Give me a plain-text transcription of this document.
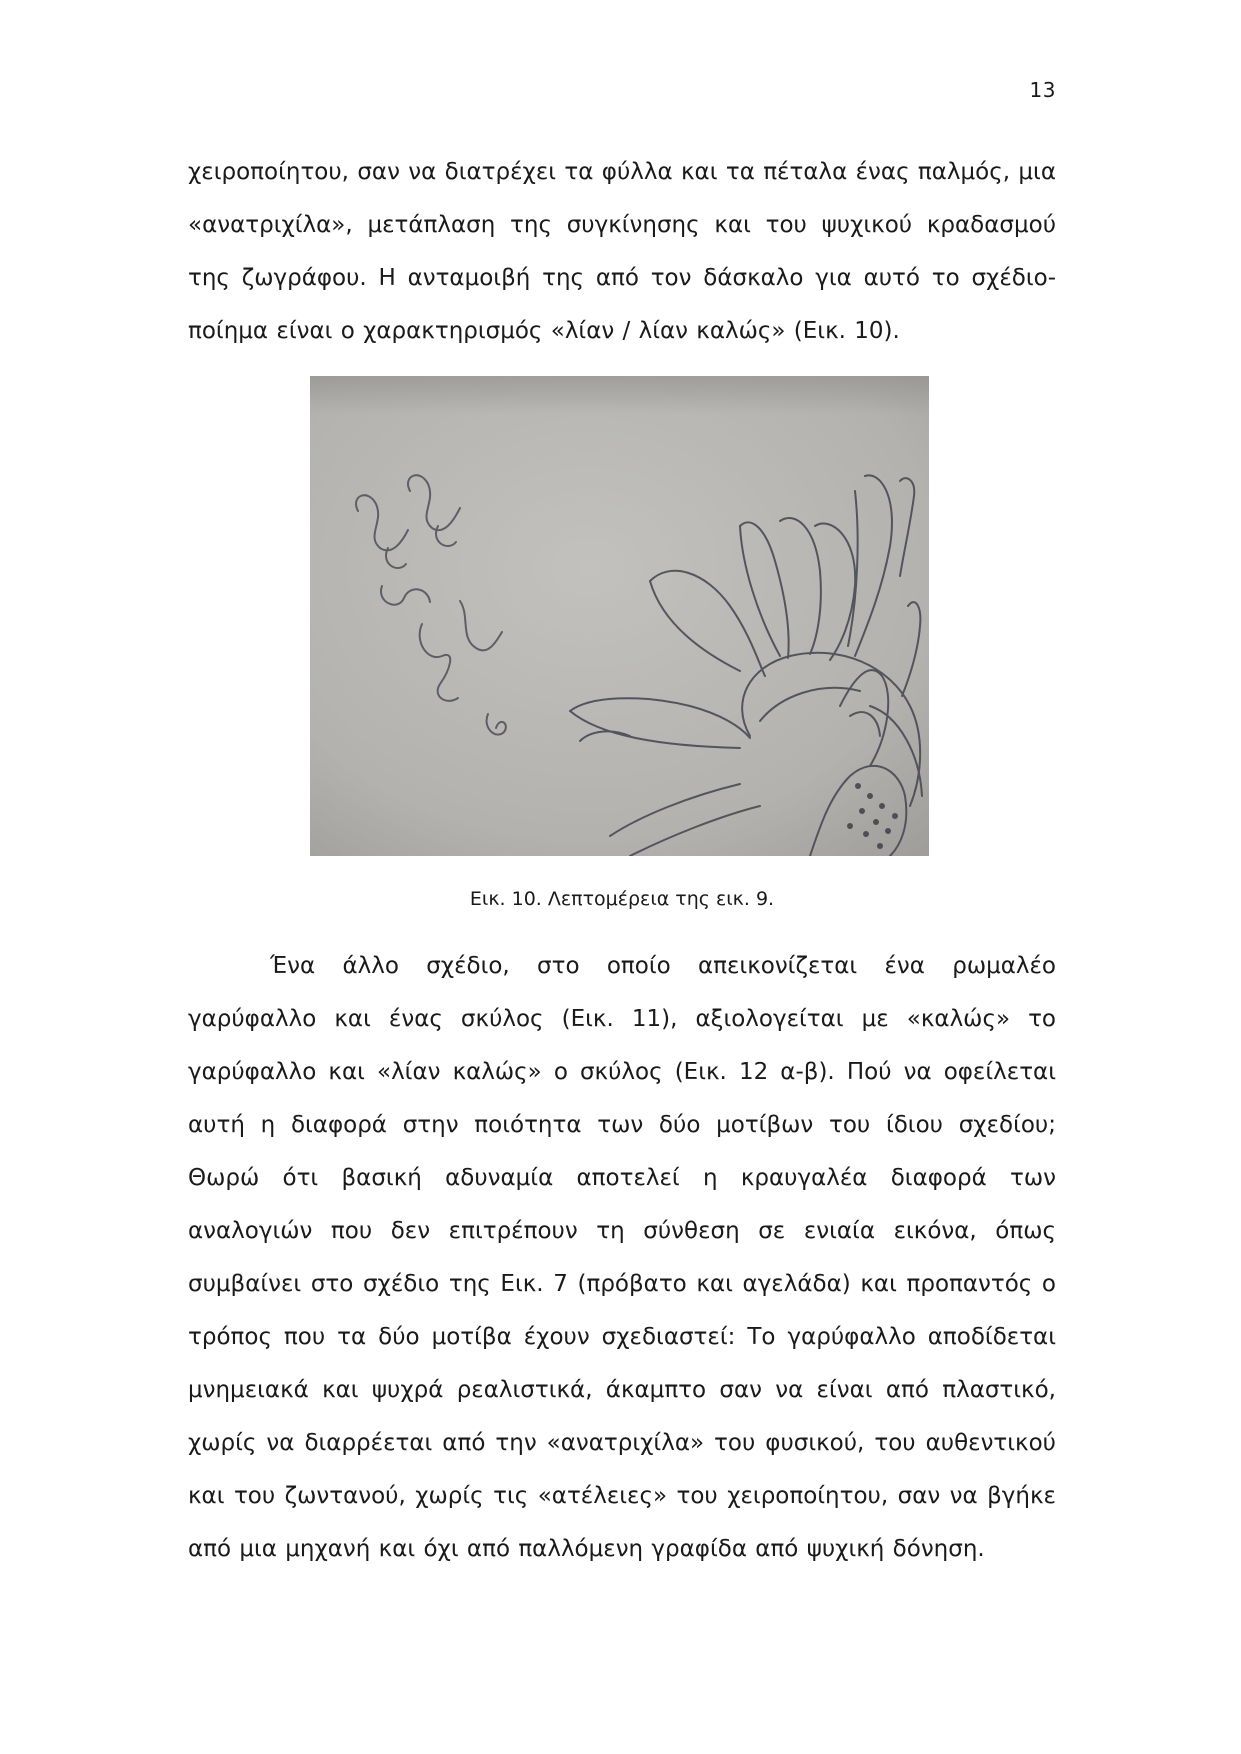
13

χειροποίητου, σαν να διατρέχει τα φύλλα και τα πέταλα ένας παλμός, μια «ανατριχίλα», μετάπλαση της συγκίνησης και του ψυχικού κραδασμού της ζωγράφου. Η ανταμοιβή της από τον δάσκαλο για αυτό το σχέδιο-ποίημα είναι ο χαρακτηρισμός «λίαν / λίαν καλώς» (Εικ. 10).

Εικ. 10. Λεπτομέρεια της εικ. 9.

Ένα άλλο σχέδιο, στο οποίο απεικονίζεται ένα ρωμαλέο γαρύφαλλο και ένας σκύλος (Εικ. 11), αξιολογείται με «καλώς» το γαρύφαλλο και «λίαν καλώς» ο σκύλος (Εικ. 12 α-β). Πού να οφείλεται αυτή η διαφορά στην ποιότητα των δύο μοτίβων του ίδιου σχεδίου; Θωρώ ότι βασική αδυναμία αποτελεί η κραυγαλέα διαφορά των αναλογιών που δεν επιτρέπουν τη σύνθεση σε ενιαία εικόνα, όπως συμβαίνει στο σχέδιο της Εικ. 7 (πρόβατο και αγελάδα) και προπαντός ο τρόπος που τα δύο μοτίβα έχουν σχεδιαστεί: Το γαρύφαλλο αποδίδεται μνημειακά και ψυχρά ρεαλιστικά, άκαμπτο σαν να είναι από πλαστικό, χωρίς να διαρρέεται από την «ανατριχίλα» του φυσικού, του αυθεντικού και του ζωντανού, χωρίς τις «ατέλειες» του χειροποίητου, σαν να βγήκε από μια μηχανή και όχι από παλλόμενη γραφίδα από ψυχική δόνηση.
